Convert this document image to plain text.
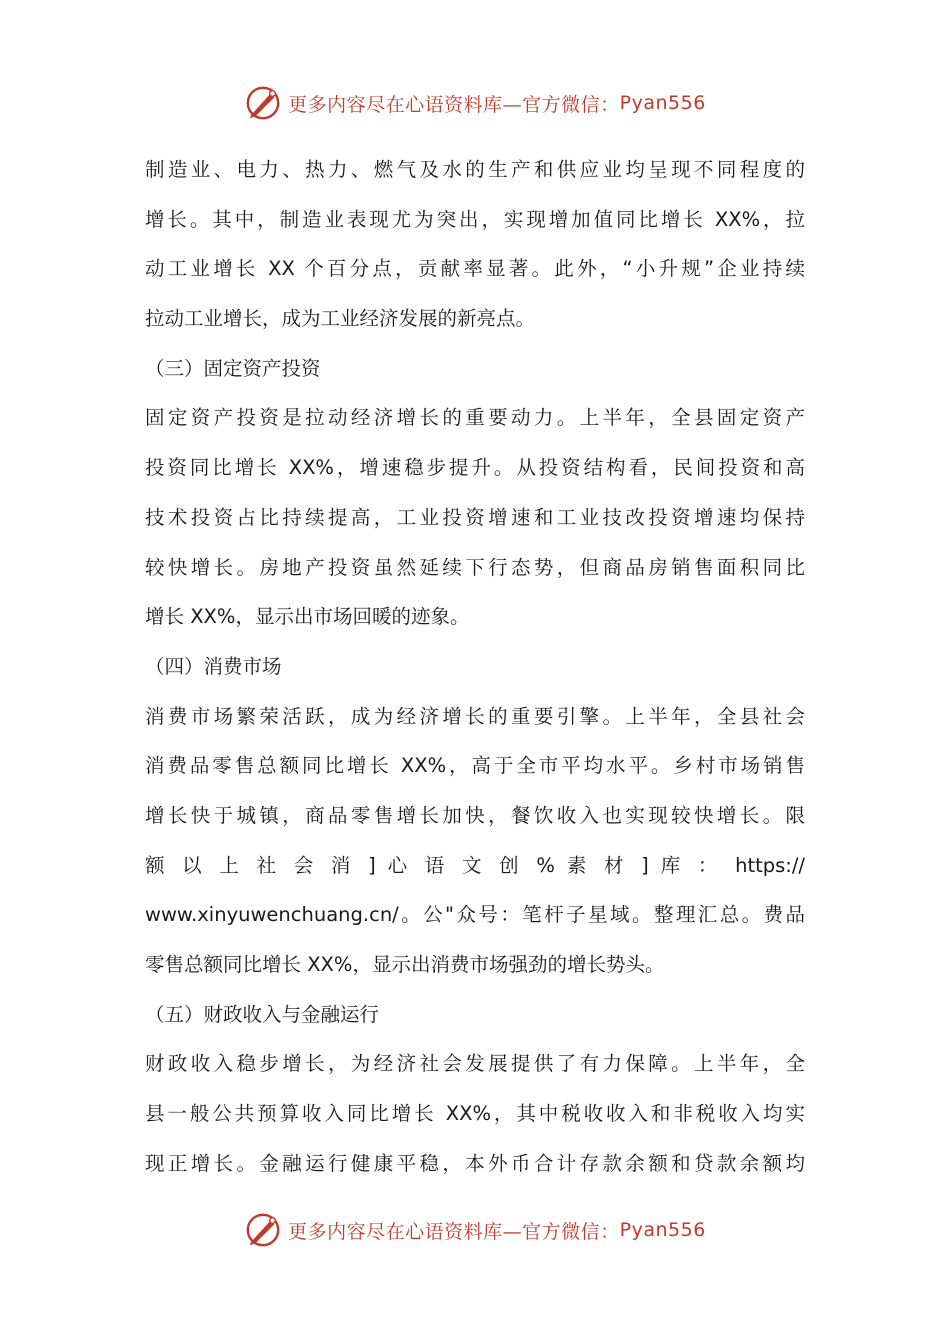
更多内容尽在心语资料库—官方微信： Pyan556
制造业、电力、热力、燃气及水的生产和供应业均呈现不同程度的
增长。其中，制造业表现尤为突出，实现增加值同比增长 XX%，拉
动工业增长 XX 个百分点，贡献率显著。此外，“小升规”企业持续
拉动工业增长，成为工业经济发展的新亮点。
（三）固定资产投资
固定资产投资是拉动经济增长的重要动力。上半年，全县固定资产
投资同比增长 XX%，增速稳步提升。从投资结构看，民间投资和高
技术投资占比持续提高，工业投资增速和工业技改投资增速均保持
较快增长。房地产投资虽然延续下行态势，但商品房销售面积同比
增长 XX%，显示出市场回暖的迹象。
（四）消费市场
消费市场繁荣活跃，成为经济增长的重要引擎。上半年，全县社会
消费品零售总额同比增长 XX%，高于全市平均水平。乡村市场销售
增长快于城镇，商品零售增长加快，餐饮收入也实现较快增长。限
额 以 上 社 会 消 ] 心 语 文 创 % 素 材 ] 库 ： https://
www.xinyuwenchuang.cn/。公"众号：笔杆子星域。整理汇总。费品
零售总额同比增长 XX%，显示出消费市场强劲的增长势头。
（五）财政收入与金融运行
财政收入稳步增长，为经济社会发展提供了有力保障。上半年，全
县一般公共预算收入同比增长 XX%，其中税收收入和非税收入均实
现正增长。金融运行健康平稳，本外币合计存款余额和贷款余额均
更多内容尽在心语资料库—官方微信： Pyan556
